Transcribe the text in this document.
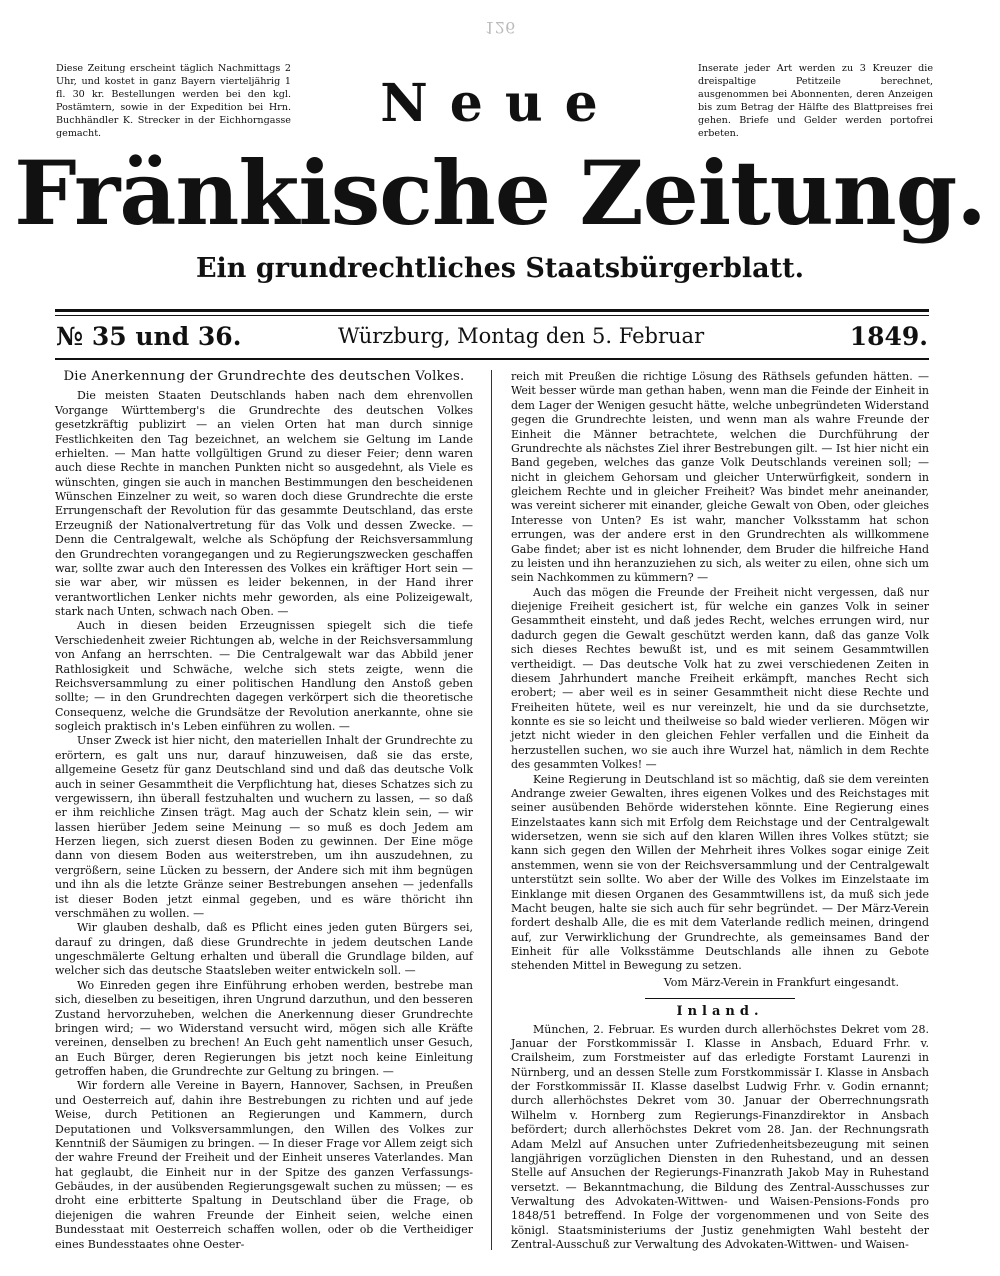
126
Diese Zeitung erscheint täglich Nachmittags 2 Uhr, und kostet in ganz Bayern vierteljährig 1 fl. 30 kr. Bestellungen werden bei den kgl. Postämtern, sowie in der Expedition bei Hrn. Buchhändler K. Strecker in der Eichhorngasse gemacht.
Inserate jeder Art werden zu 3 Kreuzer die dreispaltige Petitzeile berechnet, ausgenommen bei Abonnenten, deren Anzeigen bis zum Betrag der Hälfte des Blattpreises frei gehen. Briefe und Gelder werden portofrei erbeten.
Neue
Fränkische Zeitung.
Ein grundrechtliches Staatsbürgerblatt.
№ 35 und 36.	Würzburg, Montag den 5. Februar	1849.
Die Anerkennung der Grundrechte des deutschen Volkes.

Die meisten Staaten Deutschlands haben nach dem ehrenvollen Vorgange Württemberg's die Grundrechte des deutschen Volkes gesetzkräftig publizirt — an vielen Orten hat man durch sinnige Festlichkeiten den Tag bezeichnet, an welchem sie Geltung im Lande erhielten. — Man hatte vollgültigen Grund zu dieser Feier; denn waren auch diese Rechte in manchen Punkten nicht so ausgedehnt, als Viele es wünschten, gingen sie auch in manchen Bestimmungen den bescheidenen Wünschen Einzelner zu weit, so waren doch diese Grundrechte die erste Errungenschaft der Revolution für das gesammte Deutschland, das erste Erzeugniß der Nationalvertretung für das Volk und dessen Zwecke. — Denn die Centralgewalt, welche als Schöpfung der Reichsversammlung den Grundrechten vorangegangen und zu Regierungszwecken geschaffen war, sollte zwar auch den Interessen des Volkes ein kräftiger Hort sein — sie war aber, wir müssen es leider bekennen, in der Hand ihrer verantwortlichen Lenker nichts mehr geworden, als eine Polizeigewalt, stark nach Unten, schwach nach Oben. —

Auch in diesen beiden Erzeugnissen spiegelt sich die tiefe Verschiedenheit zweier Richtungen ab, welche in der Reichsversammlung von Anfang an herrschten. — Die Centralgewalt war das Abbild jener Rathlosigkeit und Schwäche, welche sich stets zeigte, wenn die Reichsversammlung zu einer politischen Handlung den Anstoß geben sollte; — in den Grundrechten dagegen verkörpert sich die theoretische Consequenz, welche die Grundsätze der Revolution anerkannte, ohne sie sogleich praktisch in's Leben einführen zu wollen. —

Unser Zweck ist hier nicht, den materiellen Inhalt der Grundrechte zu erörtern, es galt uns nur, darauf hinzuweisen, daß sie das erste, allgemeine Gesetz für ganz Deutschland sind und daß das deutsche Volk auch in seiner Gesammtheit die Verpflichtung hat, dieses Schatzes sich zu vergewissern, ihn überall festzuhalten und wuchern zu lassen, — so daß er ihm reichliche Zinsen trägt. Mag auch der Schatz klein sein, — wir lassen hierüber Jedem seine Meinung — so muß es doch Jedem am Herzen liegen, sich zuerst diesen Boden zu gewinnen. Der Eine möge dann von diesem Boden aus weiterstreben, um ihn auszudehnen, zu vergrößern, seine Lücken zu bessern, der Andere sich mit ihm begnügen und ihn als die letzte Gränze seiner Bestrebungen ansehen — jedenfalls ist dieser Boden jetzt einmal gegeben, und es wäre thöricht ihn verschmähen zu wollen. —

Wir glauben deshalb, daß es Pflicht eines jeden guten Bürgers sei, darauf zu dringen, daß diese Grundrechte in jedem deutschen Lande ungeschmälerte Geltung erhalten und überall die Grundlage bilden, auf welcher sich das deutsche Staatsleben weiter entwickeln soll. —

Wo Einreden gegen ihre Einführung erhoben werden, bestrebe man sich, dieselben zu beseitigen, ihren Ungrund darzuthun, und den besseren Zustand hervorzuheben, welchen die Anerkennung dieser Grundrechte bringen wird; — wo Widerstand versucht wird, mögen sich alle Kräfte vereinen, denselben zu brechen! An Euch geht namentlich unser Gesuch, an Euch Bürger, deren Regierungen bis jetzt noch keine Einleitung getroffen haben, die Grundrechte zur Geltung zu bringen. —

Wir fordern alle Vereine in Bayern, Hannover, Sachsen, in Preußen und Oesterreich auf, dahin ihre Bestrebungen zu richten und auf jede Weise, durch Petitionen an Regierungen und Kammern, durch Deputationen und Volksversammlungen, den Willen des Volkes zur Kenntniß der Säumigen zu bringen. — In dieser Frage vor Allem zeigt sich der wahre Freund der Freiheit und der Einheit unseres Vaterlandes. Man hat geglaubt, die Einheit nur in der Spitze des ganzen Verfassungs-Gebäudes, in der ausübenden Regierungsgewalt suchen zu müssen; — es droht eine erbitterte Spaltung in Deutschland über die Frage, ob diejenigen die wahren Freunde der Einheit seien, welche einen Bundesstaat mit Oesterreich schaffen wollen, oder ob die Vertheidiger eines Bundesstaates ohne Oester-

reich mit Preußen die richtige Lösung des Räthsels gefunden hätten. — Weit besser würde man gethan haben, wenn man die Feinde der Einheit in dem Lager der Wenigen gesucht hätte, welche unbegründeten Widerstand gegen die Grundrechte leisten, und wenn man als wahre Freunde der Einheit die Männer betrachtete, welchen die Durchführung der Grundrechte als nächstes Ziel ihrer Bestrebungen gilt. — Ist hier nicht ein Band gegeben, welches das ganze Volk Deutschlands vereinen soll; — nicht in gleichem Gehorsam und gleicher Unterwürfigkeit, sondern in gleichem Rechte und in gleicher Freiheit? Was bindet mehr aneinander, was vereint sicherer mit einander, gleiche Gewalt von Oben, oder gleiches Interesse von Unten? Es ist wahr, mancher Volksstamm hat schon errungen, was der andere erst in den Grundrechten als willkommene Gabe findet; aber ist es nicht lohnender, dem Bruder die hilfreiche Hand zu leisten und ihn heranzuziehen zu sich, als weiter zu eilen, ohne sich um sein Nachkommen zu kümmern? —

Auch das mögen die Freunde der Freiheit nicht vergessen, daß nur diejenige Freiheit gesichert ist, für welche ein ganzes Volk in seiner Gesammtheit einsteht, und daß jedes Recht, welches errungen wird, nur dadurch gegen die Gewalt geschützt werden kann, daß das ganze Volk sich dieses Rechtes bewußt ist, und es mit seinem Gesammtwillen vertheidigt. — Das deutsche Volk hat zu zwei verschiedenen Zeiten in diesem Jahrhundert manche Freiheit erkämpft, manches Recht sich erobert; — aber weil es in seiner Gesammtheit nicht diese Rechte und Freiheiten hütete, weil es nur vereinzelt, hie und da sie durchsetzte, konnte es sie so leicht und theilweise so bald wieder verlieren. Mögen wir jetzt nicht wieder in den gleichen Fehler verfallen und die Einheit da herzustellen suchen, wo sie auch ihre Wurzel hat, nämlich in dem Rechte des gesammten Volkes! —

Keine Regierung in Deutschland ist so mächtig, daß sie dem vereinten Andrange zweier Gewalten, ihres eigenen Volkes und des Reichstages mit seiner ausübenden Behörde widerstehen könnte. Eine Regierung eines Einzelstaates kann sich mit Erfolg dem Reichstage und der Centralgewalt widersetzen, wenn sie sich auf den klaren Willen ihres Volkes stützt; sie kann sich gegen den Willen der Mehrheit ihres Volkes sogar einige Zeit anstemmen, wenn sie von der Reichsversammlung und der Centralgewalt unterstützt sein sollte. Wo aber der Wille des Volkes im Einzelstaate im Einklange mit diesen Organen des Gesammtwillens ist, da muß sich jede Macht beugen, halte sie sich auch für sehr begründet. — Der März-Verein fordert deshalb Alle, die es mit dem Vaterlande redlich meinen, dringend auf, zur Verwirklichung der Grundrechte, als gemeinsames Band der Einheit für alle Volksstämme Deutschlands alle ihnen zu Gebote stehenden Mittel in Bewegung zu setzen.

Vom März-Verein in Frankfurt eingesandt.

Inland.

München, 2. Februar. Es wurden durch allerhöchstes Dekret vom 28. Januar der Forstkommissär I. Klasse in Ansbach, Eduard Frhr. v. Crailsheim, zum Forstmeister auf das erledigte Forstamt Laurenzi in Nürnberg, und an dessen Stelle zum Forstkommissär I. Klasse in Ansbach der Forstkommissär II. Klasse daselbst Ludwig Frhr. v. Godin ernannt; durch allerhöchstes Dekret vom 30. Januar der Oberrechnungsrath Wilhelm v. Hornberg zum Regierungs-Finanzdirektor in Ansbach befördert; durch allerhöchstes Dekret vom 28. Jan. der Rechnungsrath Adam Melzl auf Ansuchen unter Zufriedenheitsbezeugung mit seinen langjährigen vorzüglichen Diensten in den Ruhestand, und an dessen Stelle auf Ansuchen der Regierungs-Finanzrath Jakob May in Ruhestand versetzt. — Bekanntmachung, die Bildung des Zentral-Ausschusses zur Verwaltung des Advokaten-Wittwen- und Waisen-Pensions-Fonds pro 1848/51 betreffend. In Folge der vorgenommenen und von Seite des königl. Staatsministeriums der Justiz genehmigten Wahl besteht der Zentral-Ausschuß zur Verwaltung des Advokaten-Wittwen- und Waisen-
